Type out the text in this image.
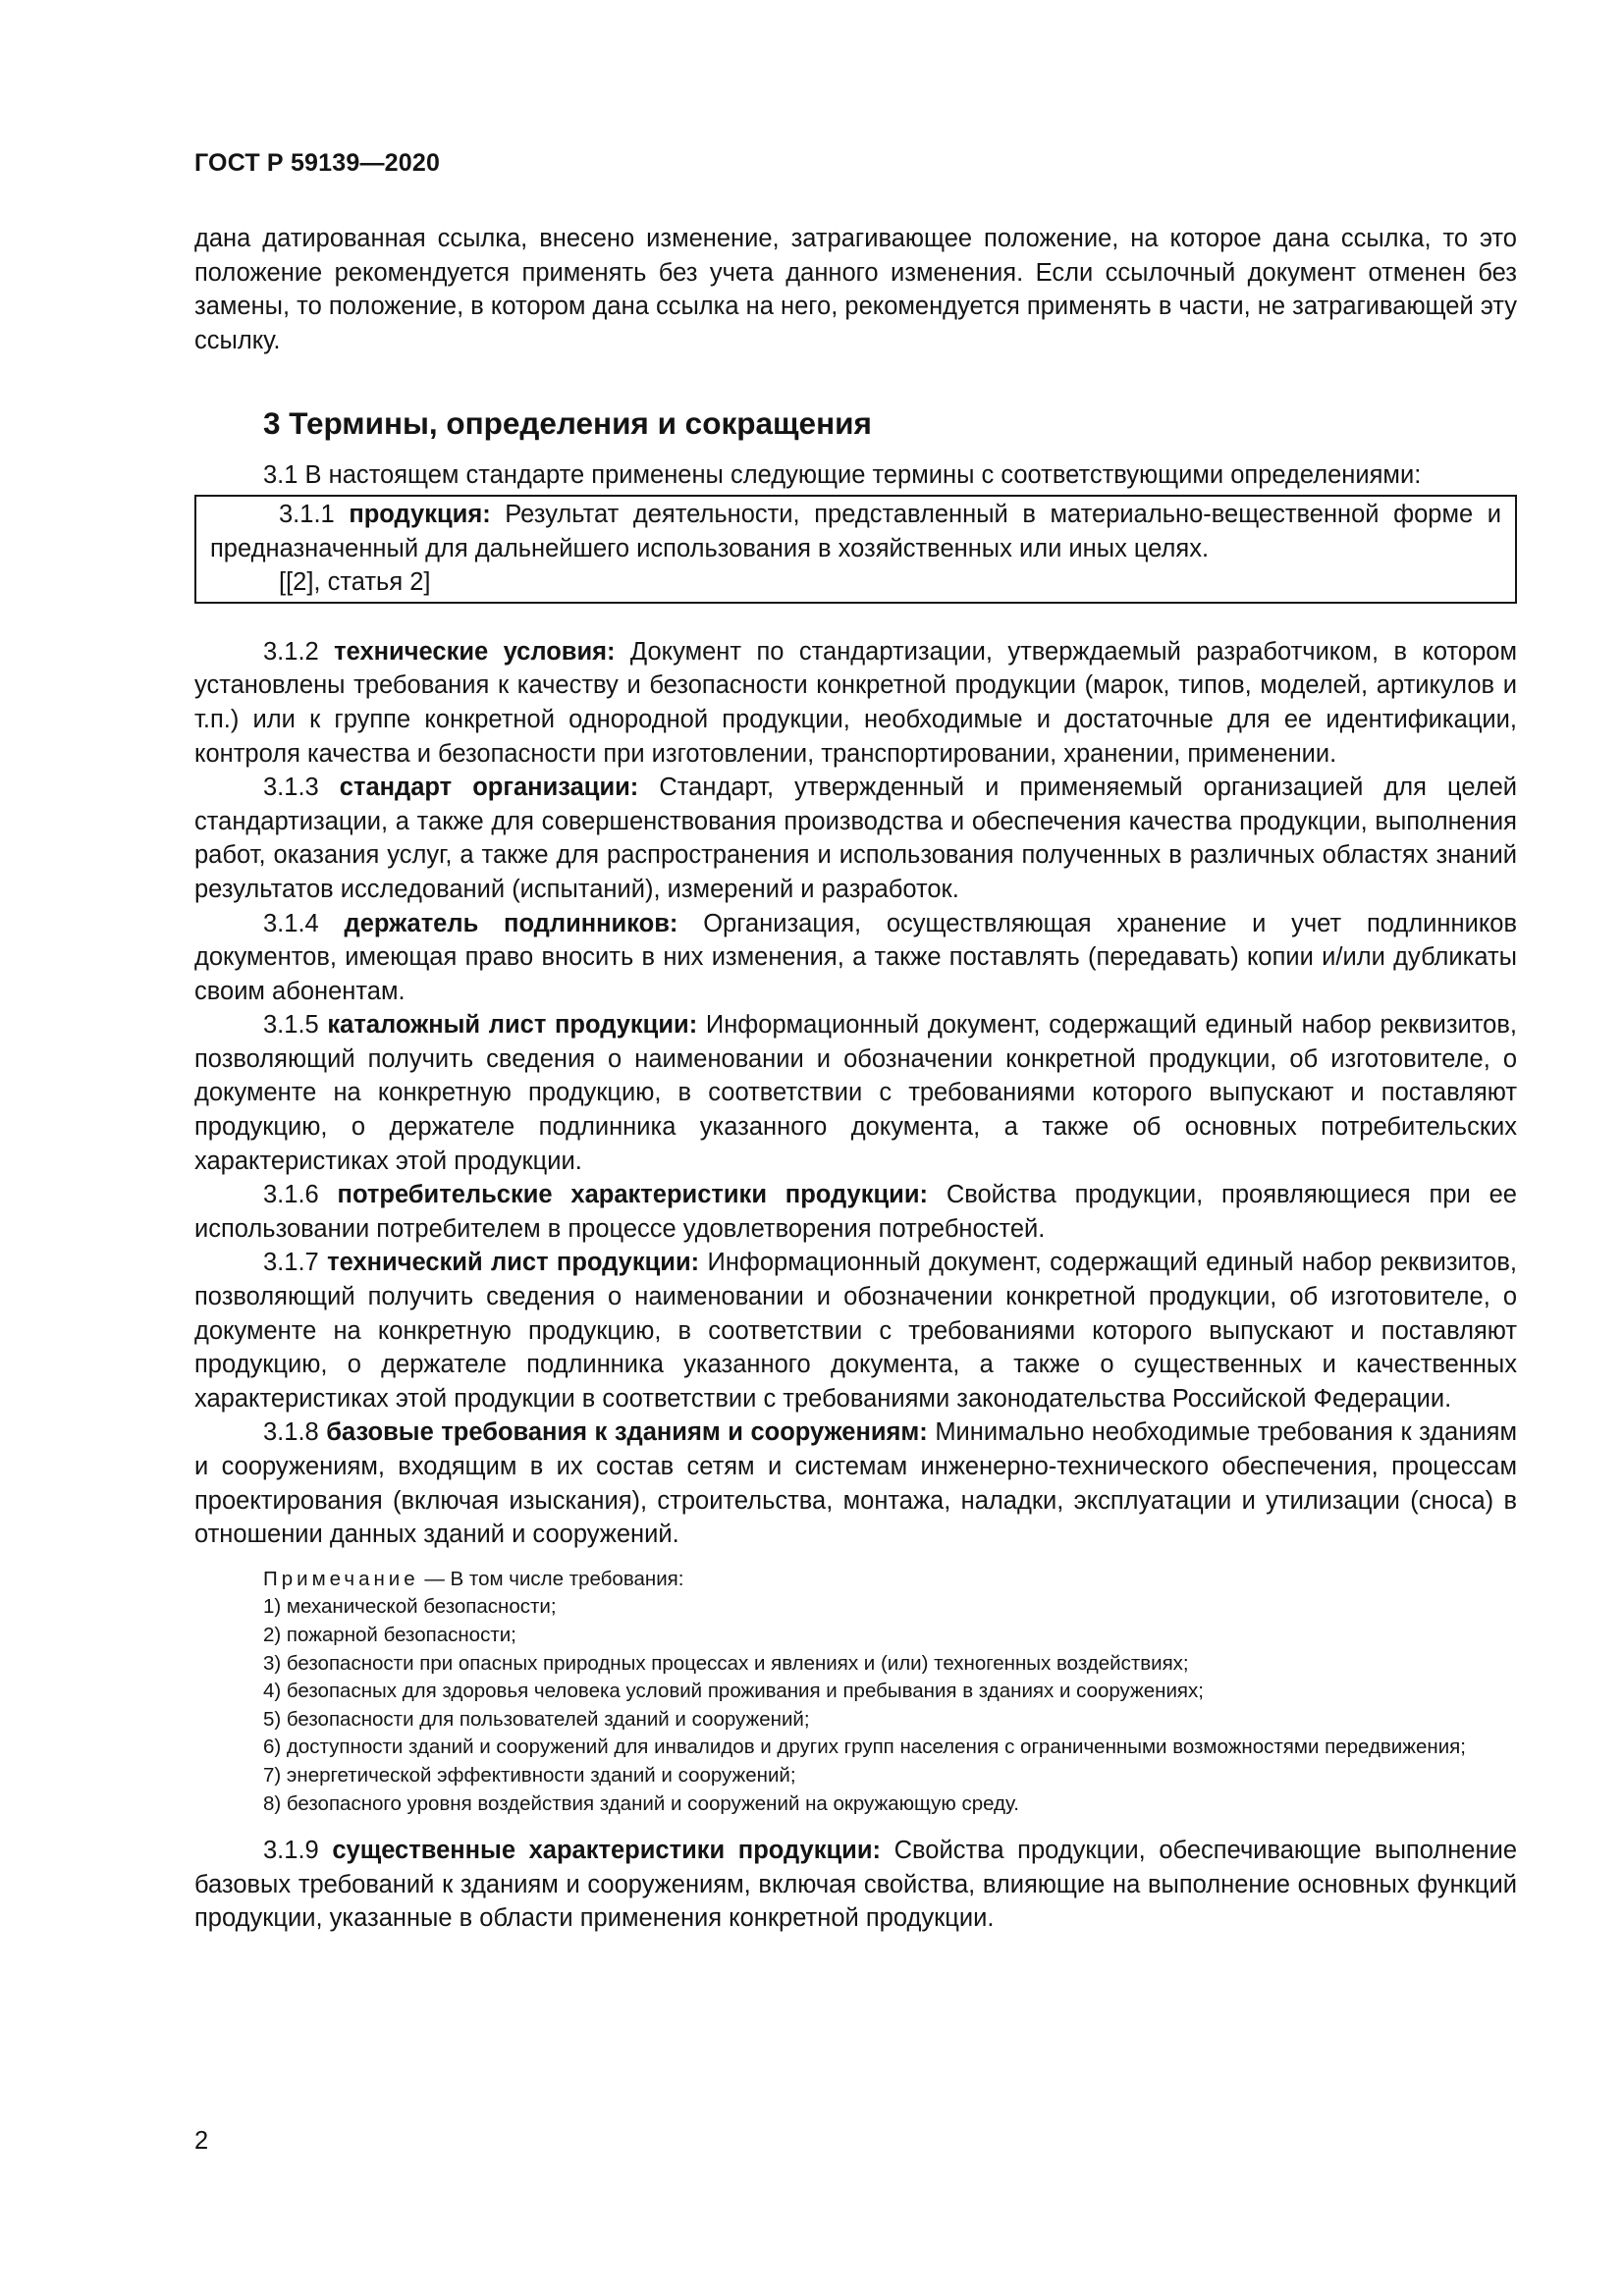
ГОСТ Р 59139—2020

дана датированная ссылка, внесено изменение, затрагивающее положение, на которое дана ссылка, то это положение рекомендуется применять без учета данного изменения. Если ссылочный документ отменен без замены, то положение, в котором дана ссылка на него, рекомендуется применять в части, не затрагивающей эту ссылку.

3 Термины, определения и сокращения

3.1 В настоящем стандарте применены следующие термины с соответствующими определениями:

3.1.1 продукция: Результат деятельности, представленный в материально-вещественной форме и предназначенный для дальнейшего использования в хозяйственных или иных целях.

[[2], статья 2]

3.1.2 технические условия: Документ по стандартизации, утверждаемый разработчиком, в котором установлены требования к качеству и безопасности конкретной продукции (марок, типов, моделей, артикулов и т.п.) или к группе конкретной однородной продукции, необходимые и достаточные для ее идентификации, контроля качества и безопасности при изготовлении, транспортировании, хранении, применении.

3.1.3 стандарт организации: Стандарт, утвержденный и применяемый организацией для целей стандартизации, а также для совершенствования производства и обеспечения качества продукции, выполнения работ, оказания услуг, а также для распространения и использования полученных в различных областях знаний результатов исследований (испытаний), измерений и разработок.

3.1.4 держатель подлинников: Организация, осуществляющая хранение и учет подлинников документов, имеющая право вносить в них изменения, а также поставлять (передавать) копии и/или дубликаты своим абонентам.

3.1.5 каталожный лист продукции: Информационный документ, содержащий единый набор реквизитов, позволяющий получить сведения о наименовании и обозначении конкретной продукции, об изготовителе, о документе на конкретную продукцию, в соответствии с требованиями которого выпускают и поставляют продукцию, о держателе подлинника указанного документа, а также об основных потребительских характеристиках этой продукции.

3.1.6 потребительские характеристики продукции: Свойства продукции, проявляющиеся при ее использовании потребителем в процессе удовлетворения потребностей.

3.1.7 технический лист продукции: Информационный документ, содержащий единый набор реквизитов, позволяющий получить сведения о наименовании и обозначении конкретной продукции, об изготовителе, о документе на конкретную продукцию, в соответствии с требованиями которого выпускают и поставляют продукцию, о держателе подлинника указанного документа, а также о существенных и качественных характеристиках этой продукции в соответствии с требованиями законодательства Российской Федерации.

3.1.8 базовые требования к зданиям и сооружениям: Минимально необходимые требования к зданиям и сооружениям, входящим в их состав сетям и системам инженерно-технического обеспечения, процессам проектирования (включая изыскания), строительства, монтажа, наладки, эксплуатации и утилизации (сноса) в отношении данных зданий и сооружений.

Примечание — В том числе требования:

1) механической безопасности;

2) пожарной безопасности;

3) безопасности при опасных природных процессах и явлениях и (или) техногенных воздействиях;

4) безопасных для здоровья человека условий проживания и пребывания в зданиях и сооружениях;

5) безопасности для пользователей зданий и сооружений;

6) доступности зданий и сооружений для инвалидов и других групп населения с ограниченными возможностями передвижения;

7) энергетической эффективности зданий и сооружений;

8) безопасного уровня воздействия зданий и сооружений на окружающую среду.

3.1.9 существенные характеристики продукции: Свойства продукции, обеспечивающие выполнение базовых требований к зданиям и сооружениям, включая свойства, влияющие на выполнение основных функций продукции, указанные в области применения конкретной продукции.

2
